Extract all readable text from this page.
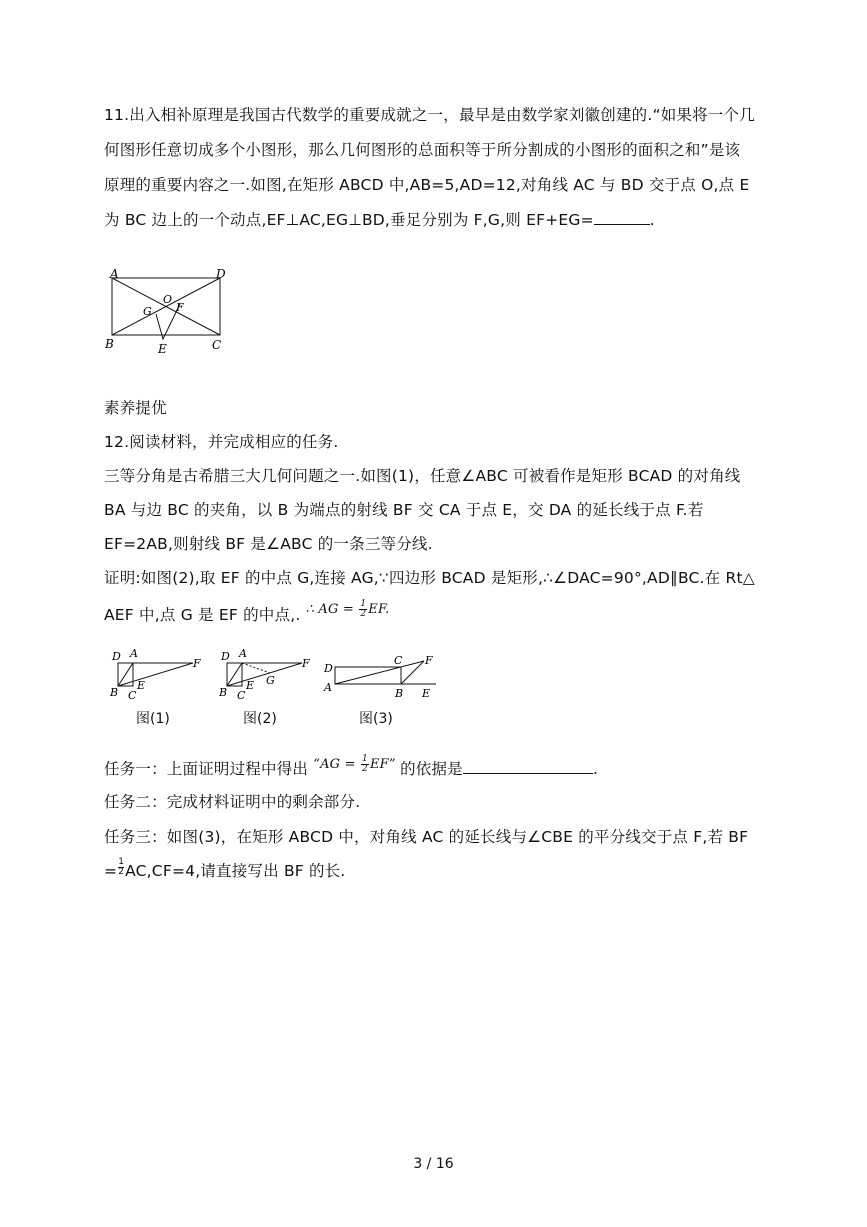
11.出入相补原理是我国古代数学的重要成就之一，最早是由数学家刘徽创建的.“如果将一个几
何图形任意切成多个小图形，那么几何图形的总面积等于所分割成的小图形的面积之和”是该
原理的重要内容之一.如图,在矩形 ABCD 中,AB=5,AD=12,对角线 AC 与 BD 交于点 O,点 E
为 BC 边上的一个动点,EF⊥AC,EG⊥BD,垂足分别为 F,G,则 EF+EG=	.
A	D
B	C
O
G F
E
素养提优
12.阅读材料，并完成相应的任务.
三等分角是古希腊三大几何问题之一.如图(1)，任意∠ABC 可被看作是矩形 BCAD 的对角线
BA 与边 BC 的夹角，以 B 为端点的射线 BF 交 CA 于点 E，交 DA 的延长线于点 F.若
EF=2AB,则射线 BF 是∠ABC 的一条三等分线.
证明:如图(2),取 EF 的中点 G,连接 AG,∵四边形 BCAD 是矩形,∴∠DAC=90°,AD∥BC.在 Rt△
AEF 中,点 G 是 EF 的中点,. $^{\therefore AG = \frac{1}{2} EF.}$
D A
F
B C
E
图(1)
D A
F
B C
E G
图(2)
D
A
C F
B E
图(3)
任务一：上面证明过程中得出 $^{“AG = \frac{1}{2} EF”}$ 的依据是	.
任务二：完成材料证明中的剩余部分.
任务三：如图(3)，在矩形 ABCD 中，对角线 AC 的延长线与∠CBE 的平分线交于点 F,若 BF
= $\frac{1}{2} AC,CF=4$,请直接写出 BF 的长.
3 / 16
